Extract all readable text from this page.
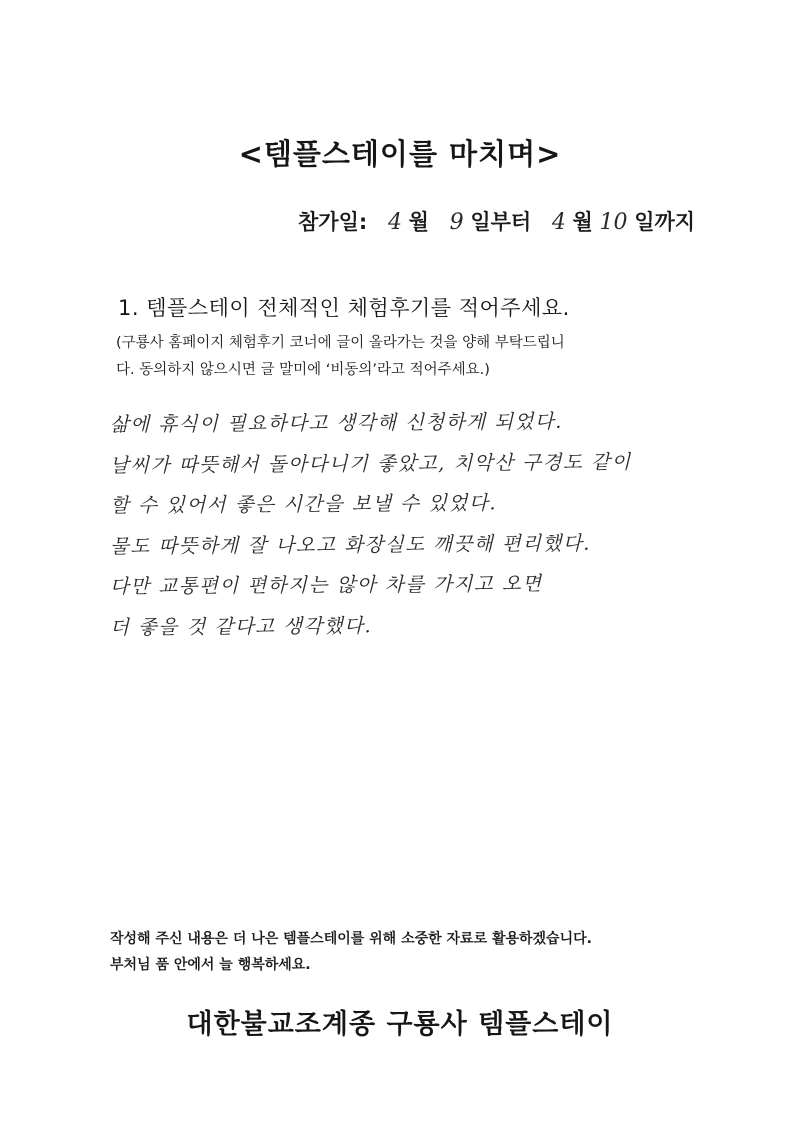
<템플스테이를 마치며>
참가일: 4 월 9 일부터 4 월 10 일까지
1. 템플스테이 전체적인 체험후기를 적어주세요.
(구룡사 홈페이지 체험후기 코너에 글이 올라가는 것을 양해 부탁드립니
다. 동의하지 않으시면 글 말미에 ‘비동의’라고 적어주세요.)
삶에 휴식이 필요하다고 생각해 신청하게 되었다.
날씨가 따뜻해서 돌아다니기 좋았고, 치악산 구경도 같이
할 수 있어서 좋은 시간을 보낼 수 있었다.
물도 따뜻하게 잘 나오고 화장실도 깨끗해 편리했다.
다만 교통편이 편하지는 않아 차를 가지고 오면
더 좋을 것 같다고 생각했다.
작성해 주신 내용은 더 나은 템플스테이를 위해 소중한 자료로 활용하겠습니다.
부처님 품 안에서 늘 행복하세요.
대한불교조계종 구룡사 템플스테이
